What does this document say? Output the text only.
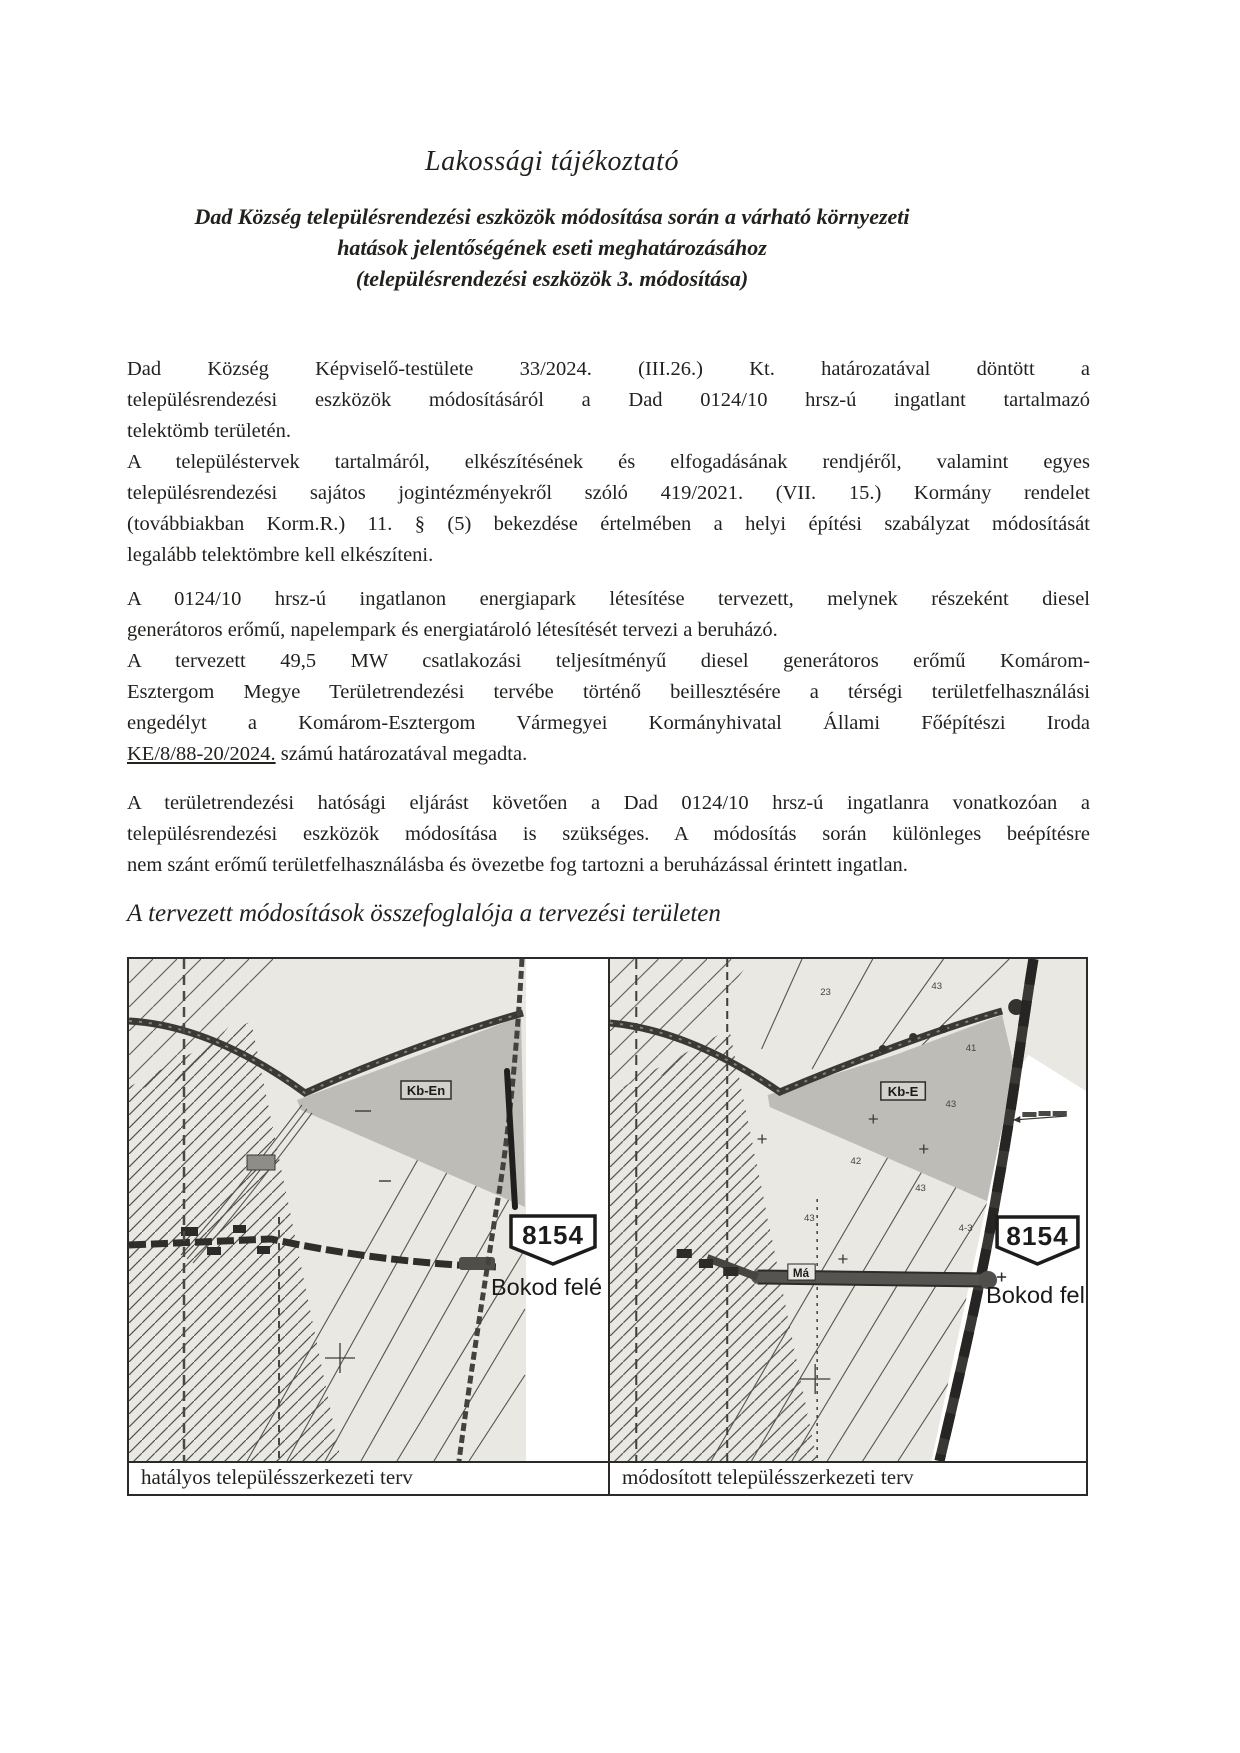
Lakossági tájékoztató
Dad Község településrendezési eszközök módosítása során a várható környezeti
hatások jelentőségének eseti meghatározásához
(településrendezési eszközök 3. módosítása)
Dad Község Képviselő-testülete 33/2024. (III.26.) Kt. határozatával döntött a
településrendezési eszközök módosításáról a Dad 0124/10 hrsz-ú ingatlant tartalmazó
telektömb területén.
A településtervek tartalmáról, elkészítésének és elfogadásának rendjéről, valamint egyes
településrendezési sajátos jogintézményekről szóló 419/2021. (VII. 15.) Kormány rendelet
(továbbiakban Korm.R.) 11. § (5) bekezdése értelmében a helyi építési szabályzat módosítását
legalább telektömbre kell elkészíteni.
A 0124/10 hrsz-ú ingatlanon energiapark létesítése tervezett, melynek részeként diesel
generátoros erőmű, napelempark és energiatároló létesítését tervezi a beruházó.
A tervezett 49,5 MW csatlakozási teljesítményű diesel generátoros erőmű Komárom-
Esztergom Megye Területrendezési tervébe történő beillesztésére a térségi területfelhasználási
engedélyt a Komárom-Esztergom Vármegyei Kormányhivatal Állami Főépítészi Iroda
KE/8/88-20/2024. számú határozatával megadta.
A területrendezési hatósági eljárást követően a Dad 0124/10 hrsz-ú ingatlanra vonatkozóan a
településrendezési eszközök módosítása is szükséges. A módosítás során különleges beépítésre
nem szánt erőmű területfelhasználásba és övezetbe fog tartozni a beruházással érintett ingatlan.
A tervezett módosítások összefoglalója a tervezési területen
Kb-En
8154
Bokod felé	Má
Kb-E
23
43
41
43
42
43
43
4-3 8154
Bokod fel
hatályos településszerkezeti terv	módosított településszerkezeti terv
